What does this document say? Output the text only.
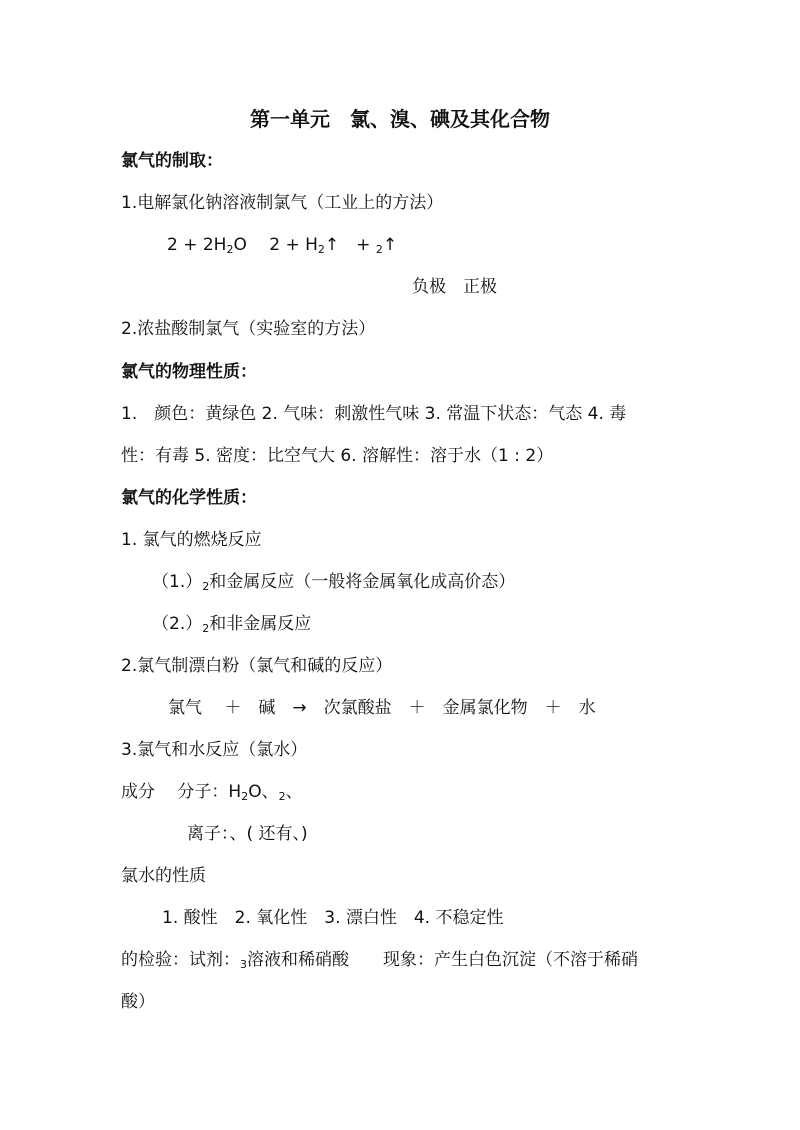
第一单元　氯、溴、碘及其化合物
氯气的制取：
1.电解氯化钠溶液制氯气（工业上的方法）
$2 + 2H_2O$　 $2 + H_2↑$　+ $_2$↑
负极　正极
2.浓盐酸制氯气（实验室的方法）
氯气的物理性质：
1.　颜色：黄绿色 2. 气味：刺激性气味 3. 常温下状态：气态 4. 毒
性：有毒 5. 密度：比空气大 6. 溶解性：溶于水（1 : 2）
氯气的化学性质：
1. 氯气的燃烧反应
$(1.)_2$和金属反应（一般将金属氧化成高价态）
$(2.)_2$和非金属反应
2.氯气制漂白粉（氯气和碱的反应）
氯气　 ＋　碱　→　次氯酸盐　＋　金属氯化物　＋　水
3.氯气和水反应（氯水）
成分　 分子：$H_2O$、$_2$、
离子：、( 还有、)
氯水的性质
1. 酸性　2. 氧化性　3. 漂白性　4. 不稳定性
的检验：试剂：$_3$溶液和稀硝酸　　现象：产生白色沉淀（不溶于稀硝
酸）
